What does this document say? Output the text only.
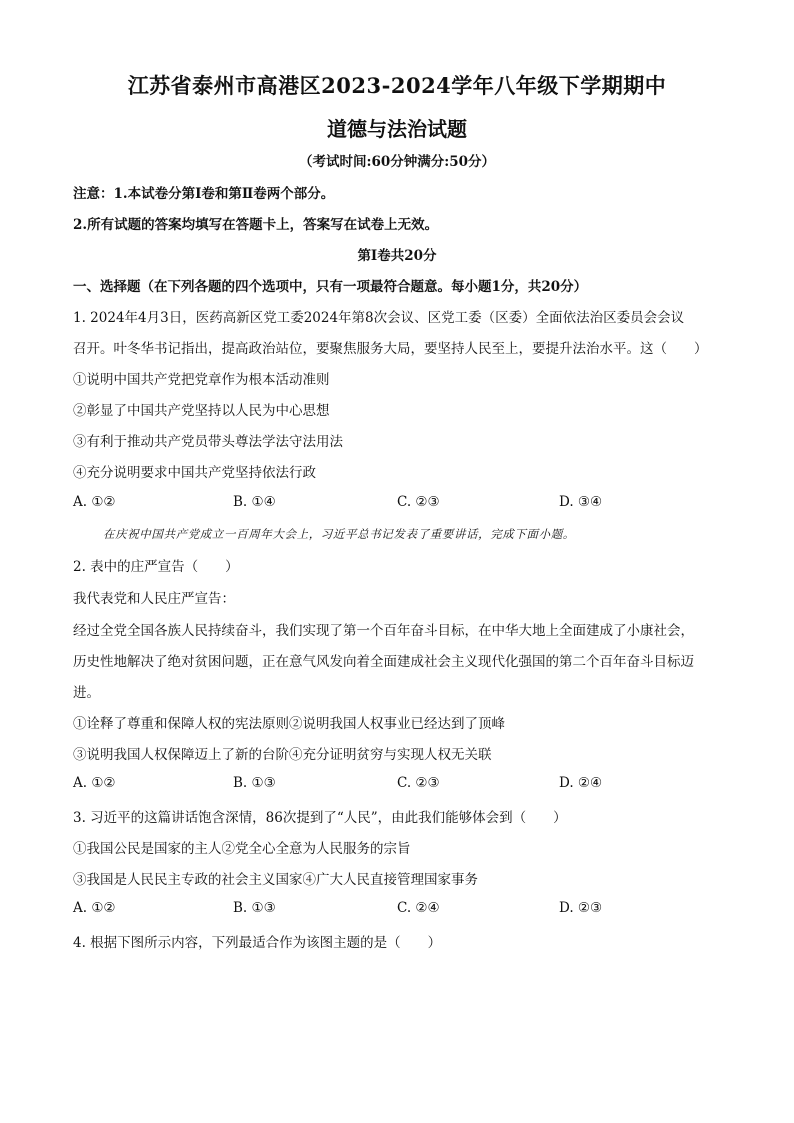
江苏省泰州市高港区2023-2024学年八年级下学期期中
道德与法治试题
（考试时间:60分钟满分:50分）
注意：1.本试卷分第Ⅰ卷和第Ⅱ卷两个部分。
2.所有试题的答案均填写在答题卡上，答案写在试卷上无效。
第Ⅰ卷共20分
一、选择题（在下列各题的四个选项中，只有一项最符合题意。每小题1分，共20分）
1. 2024年4月3日，医药高新区党工委2024年第8次会议、区党工委（区委）全面依法治区委员会会议
召开。叶冬华书记指出，提高政治站位，要聚焦服务大局，要坚持人民至上，要提升法治水平。这（　　）
①说明中国共产党把党章作为根本活动准则
②彰显了中国共产党坚持以人民为中心思想
③有利于推动共产党员带头尊法学法守法用法
④充分说明要求中国共产党坚持依法行政
A. ①②	B. ①④	C. ②③	D. ③④
在庆祝中国共产党成立一百周年大会上，习近平总书记发表了重要讲话，完成下面小题。
2. 表中的庄严宣告（　　）
我代表党和人民庄严宣告：
经过全党全国各族人民持续奋斗，我们实现了第一个百年奋斗目标，在中华大地上全面建成了小康社会，
历史性地解决了绝对贫困问题，正在意气风发向着全面建成社会主义现代化强国的第二个百年奋斗目标迈
进。
①诠释了尊重和保障人权的宪法原则②说明我国人权事业已经达到了顶峰
③说明我国人权保障迈上了新的台阶④充分证明贫穷与实现人权无关联
A. ①②	B. ①③	C. ②③	D. ②④
3. 习近平的这篇讲话饱含深情，86次提到了“人民”，由此我们能够体会到（　　）
①我国公民是国家的主人②党全心全意为人民服务的宗旨
③我国是人民民主专政的社会主义国家④广大人民直接管理国家事务
A. ①②	B. ①③	C. ②④	D. ②③
4. 根据下图所示内容，下列最适合作为该图主题的是（　　）
